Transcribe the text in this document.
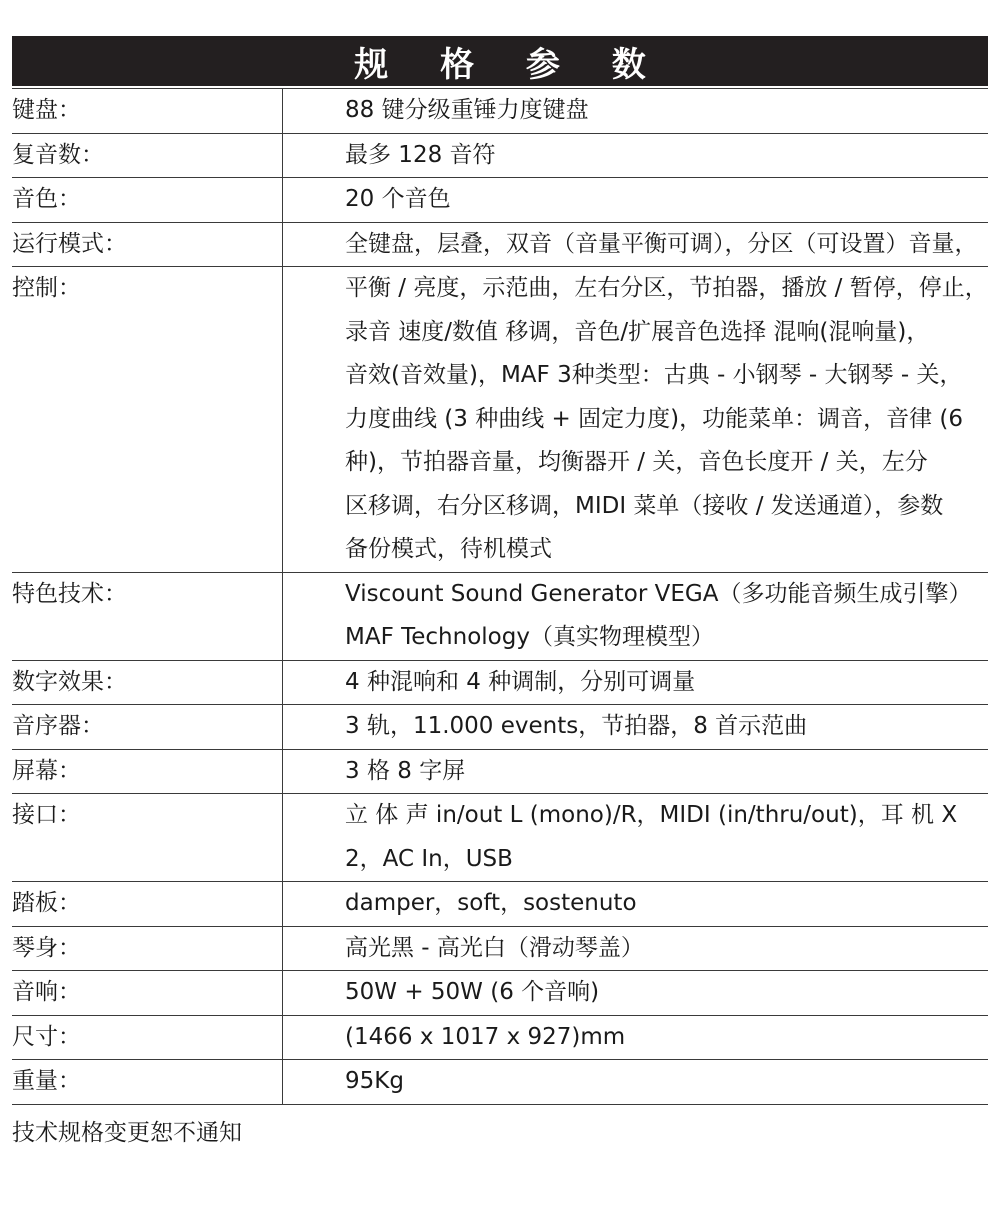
规 格 参 数
键盘：	88 键分级重锤力度键盘
复音数：	最多 128 音符
音色：	20 个音色
运行模式：	全键盘，层叠，双音（音量平衡可调），分区（可设置）音量，
控制：	平衡 / 亮度，示范曲，左右分区，节拍器，播放 / 暂停，停止，
录音 速度/数值 移调，音色/扩展音色选择 混响(混响量)，
音效(音效量)，MAF 3种类型：古典 - 小钢琴 - 大钢琴 - 关，
力度曲线 (3 种曲线 + 固定力度)，功能菜单：调音，音律 (6
种)，节拍器音量，均衡器开 / 关，音色长度开 / 关，左分
区移调，右分区移调，MIDI 菜单（接收 / 发送通道），参数
备份模式，待机模式
特色技术：	Viscount Sound Generator VEGA（多功能音频生成引擎）
MAF Technology（真实物理模型）
数字效果：	4 种混响和 4 种调制，分别可调量
音序器：	3 轨，11.000 events，节拍器，8 首示范曲
屏幕：	3 格 8 字屏
接口：	立 体 声 in/out L (mono)/R，MIDI (in/thru/out)，耳 机 X
2，AC In，USB
踏板：	damper，soft，sostenuto
琴身：	高光黑 - 高光白（滑动琴盖）
音响：	50W + 50W (6 个音响)
尺寸：	(1466 x 1017 x 927)mm
重量：	95Kg
技术规格变更恕不通知
